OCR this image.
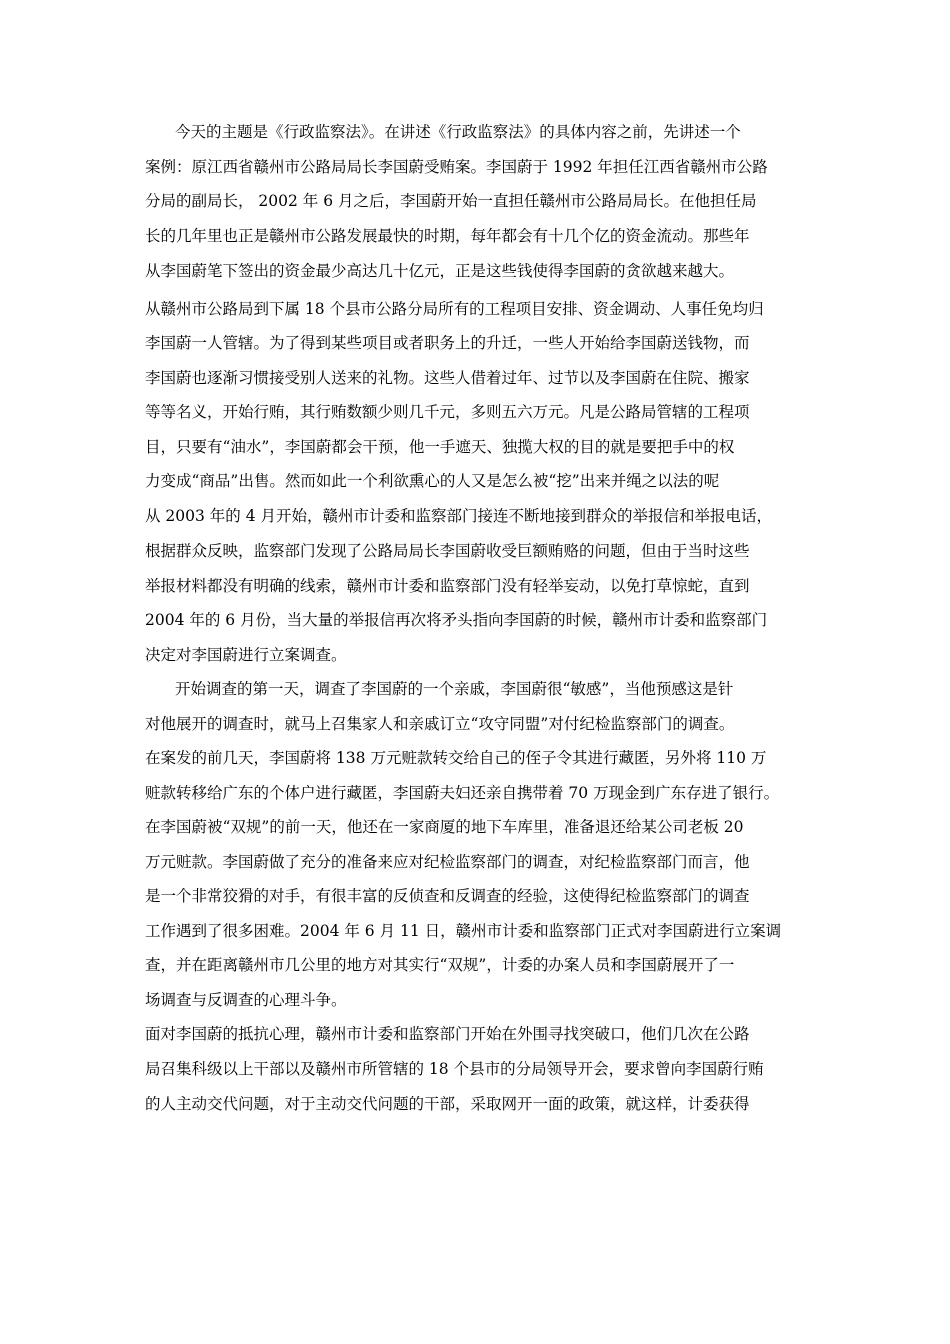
今天的主题是《行政监察法》。在讲述《行政监察法》的具体内容之前，先讲述一个
案例：原江西省赣州市公路局局长李国蔚受贿案。李国蔚于 1992 年担任江西省赣州市公路
分局的副局长， 2002 年 6 月之后，李国蔚开始一直担任赣州市公路局局长。在他担任局
长的几年里也正是赣州市公路发展最快的时期，每年都会有十几个亿的资金流动。那些年
从李国蔚笔下签出的资金最少高达几十亿元，正是这些钱使得李国蔚的贪欲越来越大。
从赣州市公路局到下属 18 个县市公路分局所有的工程项目安排、资金调动、人事任免均归
李国蔚一人管辖。为了得到某些项目或者职务上的升迁，一些人开始给李国蔚送钱物，而
李国蔚也逐渐习惯接受别人送来的礼物。这些人借着过年、过节以及李国蔚在住院、搬家
等等名义，开始行贿，其行贿数额少则几千元，多则五六万元。凡是公路局管辖的工程项
目，只要有“油水”，李国蔚都会干预，他一手遮天、独揽大权的目的就是要把手中的权
力变成“商品”出售。然而如此一个利欲熏心的人又是怎么被“挖”出来并绳之以法的呢
从 2003 年的 4 月开始，赣州市计委和监察部门接连不断地接到群众的举报信和举报电话，
根据群众反映，监察部门发现了公路局局长李国蔚收受巨额贿赂的问题，但由于当时这些
举报材料都没有明确的线索，赣州市计委和监察部门没有轻举妄动，以免打草惊蛇，直到
2004 年的 6 月份，当大量的举报信再次将矛头指向李国蔚的时候，赣州市计委和监察部门
决定对李国蔚进行立案调查。
开始调查的第一天，调查了李国蔚的一个亲戚，李国蔚很“敏感”，当他预感这是针
对他展开的调查时，就马上召集家人和亲戚订立“攻守同盟”对付纪检监察部门的调查。
在案发的前几天，李国蔚将 138 万元赃款转交给自己的侄子令其进行藏匿，另外将 110 万
赃款转移给广东的个体户进行藏匿，李国蔚夫妇还亲自携带着 70 万现金到广东存进了银行。
在李国蔚被“双规”的前一天，他还在一家商厦的地下车库里，准备退还给某公司老板 20
万元赃款。李国蔚做了充分的准备来应对纪检监察部门的调查，对纪检监察部门而言，他
是一个非常狡猾的对手，有很丰富的反侦查和反调查的经验，这使得纪检监察部门的调查
工作遇到了很多困难。2004 年 6 月 11 日，赣州市计委和监察部门正式对李国蔚进行立案调
查，并在距离赣州市几公里的地方对其实行“双规”，计委的办案人员和李国蔚展开了一
场调查与反调查的心理斗争。
面对李国蔚的抵抗心理，赣州市计委和监察部门开始在外围寻找突破口，他们几次在公路
局召集科级以上干部以及赣州市所管辖的 18 个县市的分局领导开会，要求曾向李国蔚行贿
的人主动交代问题，对于主动交代问题的干部，采取网开一面的政策，就这样，计委获得
